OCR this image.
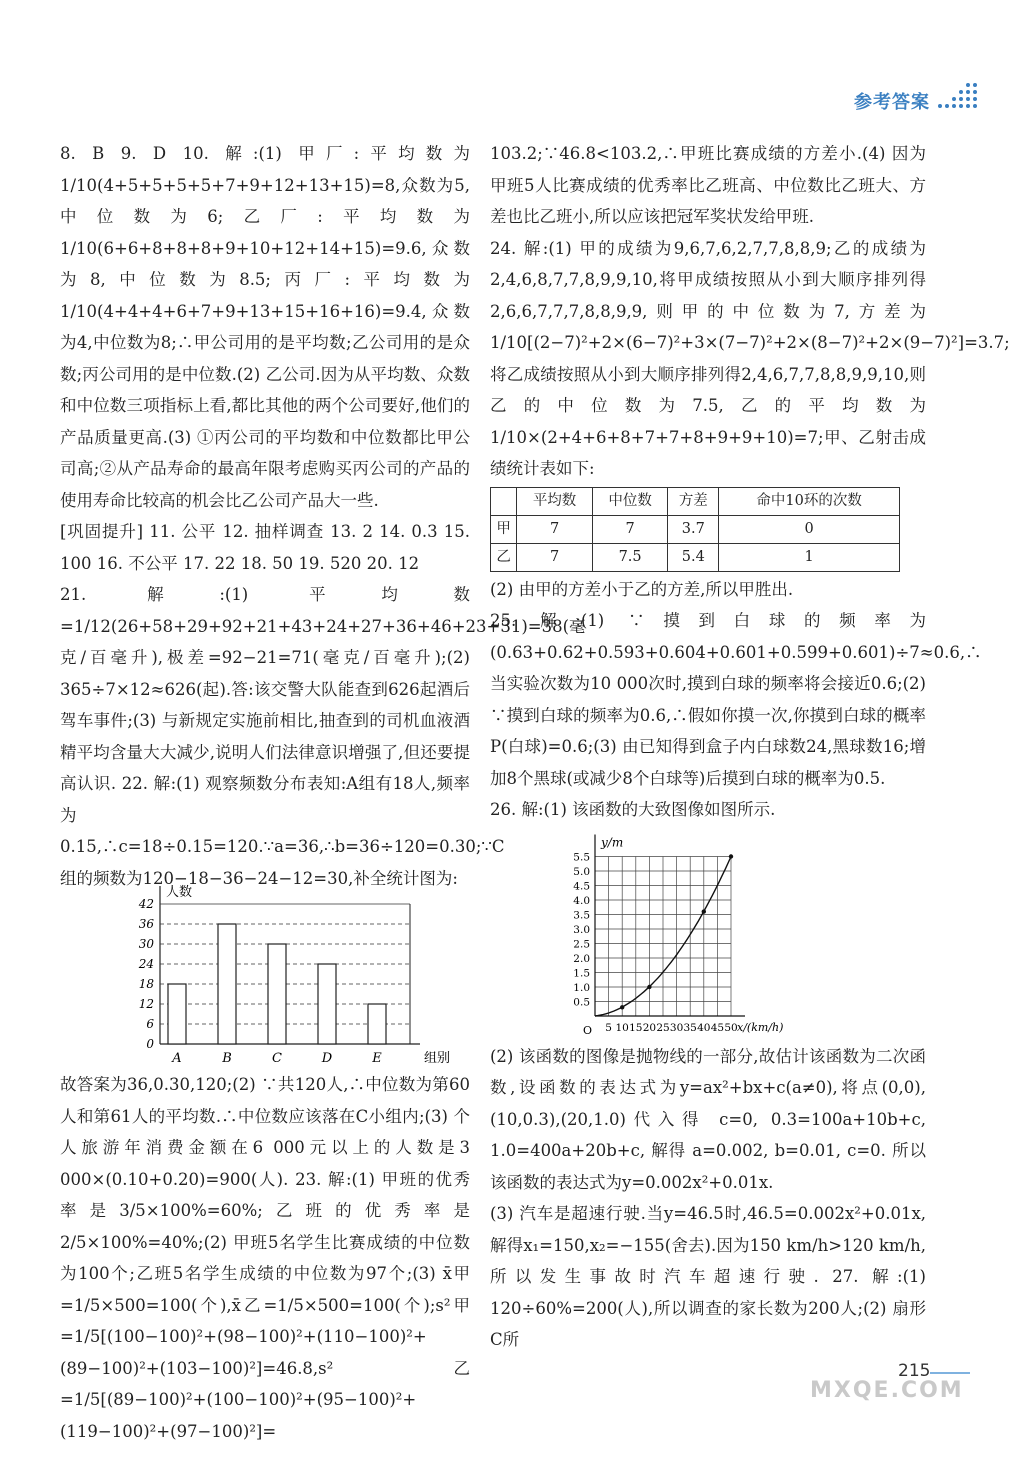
参考答案

8. B 9. D 10. 解:(1) 甲厂:平均数为1/10(4+5+5+5+5+7+9+12+13+15)=8,众数为5,中位数为6;乙厂:平均数为1/10(6+6+8+8+8+9+10+12+14+15)=9.6,众数为8,中位数为8.5;丙厂:平均数为1/10(4+4+4+6+7+9+13+15+16+16)=9.4,众数为4,中位数为8;∴甲公司用的是平均数;乙公司用的是众数;丙公司用的是中位数.(2) 乙公司.因为从平均数、众数和中位数三项指标上看,都比其他的两个公司要好,他们的产品质量更高.(3) ①丙公司的平均数和中位数都比甲公司高;②从产品寿命的最高年限考虑购买丙公司的产品的使用寿命比较高的机会比乙公司产品大一些.

[巩固提升] 11. 公平 12. 抽样调查 13. 2 14. 0.3 15. 100 16. 不公平 17. 22 18. 50 19. 520 20. 12

21. 解:(1) 平均数=1/12(26+58+29+92+21+43+24+27+36+46+23+31)=38(毫克/百毫升),极差=92−21=71(毫克/百毫升);(2) 365÷7×12≈626(起).答:该交警大队能查到626起酒后驾车事件;(3) 与新规定实施前相比,抽查到的司机血液酒精平均含量大大减少,说明人们法律意识增强了,但还要提高认识. 22. 解:(1) 观察频数分布表知:A组有18人,频率为0.15,∴c=18÷0.15=120.∵a=36,∴b=36÷120=0.30;∵C组的频数为120−18−36−24−12=30,补全统计图为:

0
6
12
18
24
30
36
42
人数
组别
A	B	C	D	E

故答案为36,0.30,120;(2) ∵共120人,∴中位数为第60人和第61人的平均数.∴中位数应该落在C小组内;(3) 个人旅游年消费金额在6 000元以上的人数是3 000×(0.10+0.20)=900(人). 23. 解:(1) 甲班的优秀率是3/5×100%=60%;乙班的优秀率是2/5×100%=40%;(2) 甲班5名学生比赛成绩的中位数为100个;乙班5名学生成绩的中位数为97个;(3) x̄甲=1/5×500=100(个),x̄乙=1/5×500=100(个);s²甲=1/5[(100−100)²+(98−100)²+(110−100)²+(89−100)²+(103−100)²]=46.8,s²乙=1/5[(89−100)²+(100−100)²+(95−100)²+(119−100)²+(97−100)²]=

103.2;∵46.8<103.2,∴甲班比赛成绩的方差小.(4) 因为甲班5人比赛成绩的优秀率比乙班高、中位数比乙班大、方差也比乙班小,所以应该把冠军奖状发给甲班.

24. 解:(1) 甲的成绩为9,6,7,6,2,7,7,8,8,9;乙的成绩为2,4,6,8,7,7,8,9,9,10,将甲成绩按照从小到大顺序排列得2,6,6,7,7,7,8,8,9,9,则甲的中位数为7,方差为1/10[(2−7)²+2×(6−7)²+3×(7−7)²+2×(8−7)²+2×(9−7)²]=3.7;将乙成绩按照从小到大顺序排列得2,4,6,7,7,8,8,9,9,10,则乙的中位数为7.5,乙的平均数为1/10×(2+4+6+8+7+7+8+9+9+10)=7;甲、乙射击成绩统计表如下:

	平均数	中位数	方差	命中10环的次数
甲	7	7	3.7	0
乙	7	7.5	5.4	1

(2) 由甲的方差小于乙的方差,所以甲胜出.

25. 解:(1) ∵摸到白球的频率为(0.63+0.62+0.593+0.604+0.601+0.599+0.601)÷7≈0.6,∴当实验次数为10 000次时,摸到白球的频率将会接近0.6;(2) ∵摸到白球的频率为0.6,∴假如你摸一次,你摸到白球的概率P(白球)=0.6;(3) 由已知得到盒子内白球数24,黑球数16;增加8个黑球(或减少8个白球等)后摸到白球的概率为0.5.

26. 解:(1) 该函数的大致图像如图所示.

y/m
O 5 10 15 20 25 30 35 40 45 50 x/(km/h)
0.5
1.0
1.5
2.0
2.5
3.0
3.5
4.0
4.5
5.0
5.5

(2) 该函数的图像是抛物线的一部分,故估计该函数为二次函数,设函数的表达式为y=ax²+bx+c(a≠0),将点(0,0),(10,0.3),(20,1.0)代入得 c=0, 0.3=100a+10b+c, 1.0=400a+20b+c, 解得 a=0.002, b=0.01, c=0. 所以该函数的表达式为y=0.002x²+0.01x.

(3) 汽车是超速行驶.当y=46.5时,46.5=0.002x²+0.01x,解得x₁=150,x₂=−155(舍去).因为150 km/h>120 km/h,所以发生事故时汽车超速行驶. 27. 解:(1) 120÷60%=200(人),所以调查的家长数为200人;(2) 扇形C所

215
MXQE.COM
